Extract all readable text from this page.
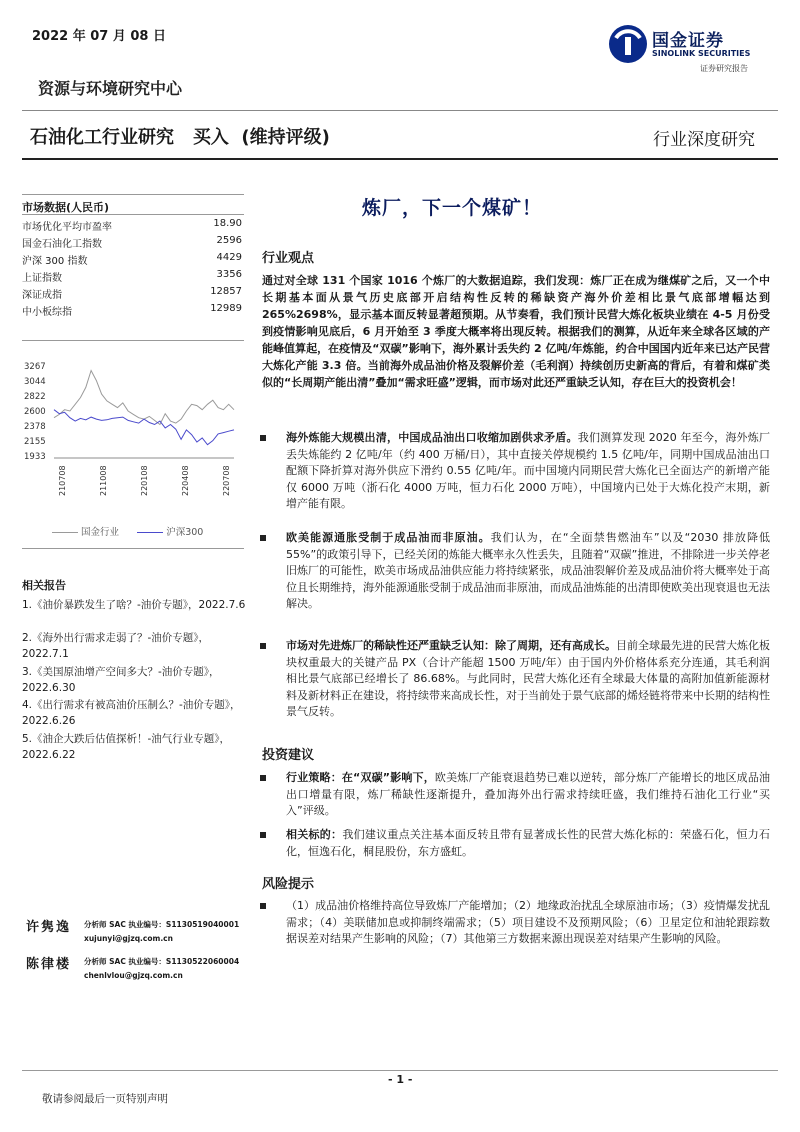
2022 年 07 月 08 日	国金证券
SINOLINK SECURITIES
证券研究报告
资源与环境研究中心
石油化工行业研究 买入 (维持评级)	行业深度研究
市场数据(人民币)
市场优化平均市盈率	18.90
国金石油化工指数	2596
沪深 300 指数	4429
上证指数	3356
深证成指	12857
中小板综指	12989
3267
3044
2822
2600
2378
2155
1933
210708	211008	220108	220408	220708
国金行业	沪深300
相关报告
1.《油价暴跌发生了啥？-油价专题》，2022.7.6
2.《海外出行需求走弱了？-油价专题》，2022.7.1
3.《美国原油增产空间多大？-油价专题》，2022.6.30
4.《出行需求有被高油价压制么？-油价专题》，2022.6.26
5.《油企大跌后估值探析！-油气行业专题》，2022.6.22
许隽逸 分析师 SAC 执业编号：S1130519040001
xujunyi@gjzq.com.cn
陈律楼 分析师 SAC 执业编号：S1130522060004
chenlvlou@gjzq.com.cn
炼厂，下一个煤矿！
行业观点
通过对全球 131 个国家 1016 个炼厂的大数据追踪，我们发现：炼厂正在成为继煤矿之后，又一个中长期基本面从景气历史底部开启结构性反转的稀缺资产海外价差相比景气底部增幅达到 265%2698%，显示基本面反转显著超预期。从节奏看，我们预计民营大炼化板块业绩在 4-5 月份受到疫情影响见底后，6 月开始至 3 季度大概率将出现反转。根据我们的测算，从近年来全球各区域的产能峰值算起，在疫情及“双碳”影响下，海外累计丢失约 2 亿吨/年炼能，约合中国国内近年来已达产民营大炼化产能 3.3 倍。当前海外成品油价格及裂解价差（毛利润）持续创历史新高的背后，有着和煤矿类似的“长周期产能出清”叠加“需求旺盛”逻辑，而市场对此还严重缺乏认知，存在巨大的投资机会！
海外炼能大规模出清，中国成品油出口收缩加剧供求矛盾。我们测算发现 2020 年至今，海外炼厂丢失炼能约 2 亿吨/年（约 400 万桶/日），其中直接关停规模约 1.5 亿吨/年，同期中国成品油出口配额下降折算对海外供应下滑约 0.55 亿吨/年。而中国境内同期民营大炼化已全面达产的新增产能仅 6000 万吨（浙石化 4000 万吨，恒力石化 2000 万吨），中国境内已处于大炼化投产末期，新增产能有限。
欧美能源通胀受制于成品油而非原油。我们认为，在“全面禁售燃油车”以及“2030 排放降低 55%”的政策引导下，已经关闭的炼能大概率永久性丢失，且随着“双碳”推进，不排除进一步关停老旧炼厂的可能性，欧美市场成品油供应能力将持续紧张，成品油裂解价差及成品油价将大概率处于高位且长期维持，海外能源通胀受制于成品油而非原油，而成品油炼能的出清即使欧美出现衰退也无法解决。
市场对先进炼厂的稀缺性还严重缺乏认知：除了周期，还有高成长。目前全球最先进的民营大炼化板块权重最大的关键产品 PX（合计产能超 1500 万吨/年）由于国内外价格体系充分连通，其毛利润相比景气底部已经增长了 86.68%。与此同时，民营大炼化还有全球最大体量的高附加值新能源材料及新材料正在建设，将持续带来高成长性，对于当前处于景气底部的烯烃链将带来中长期的结构性景气反转。
投资建议
行业策略：在“双碳”影响下，欧美炼厂产能衰退趋势已难以逆转，部分炼厂产能增长的地区成品油出口增量有限，炼厂稀缺性逐渐提升，叠加海外出行需求持续旺盛，我们维持石油化工行业“买入”评级。
相关标的：我们建议重点关注基本面反转且带有显著成长性的民营大炼化标的：荣盛石化，恒力石化，恒逸石化，桐昆股份，东方盛虹。
风险提示
（1）成品油价格维持高位导致炼厂产能增加；（2）地缘政治扰乱全球原油市场；（3）疫情爆发扰乱需求；（4）美联储加息或抑制终端需求；（5）项目建设不及预期风险；（6）卫星定位和油轮跟踪数据误差对结果产生影响的风险；（7）其他第三方数据来源出现误差对结果产生影响的风险。
- 1 -
敬请参阅最后一页特别声明
